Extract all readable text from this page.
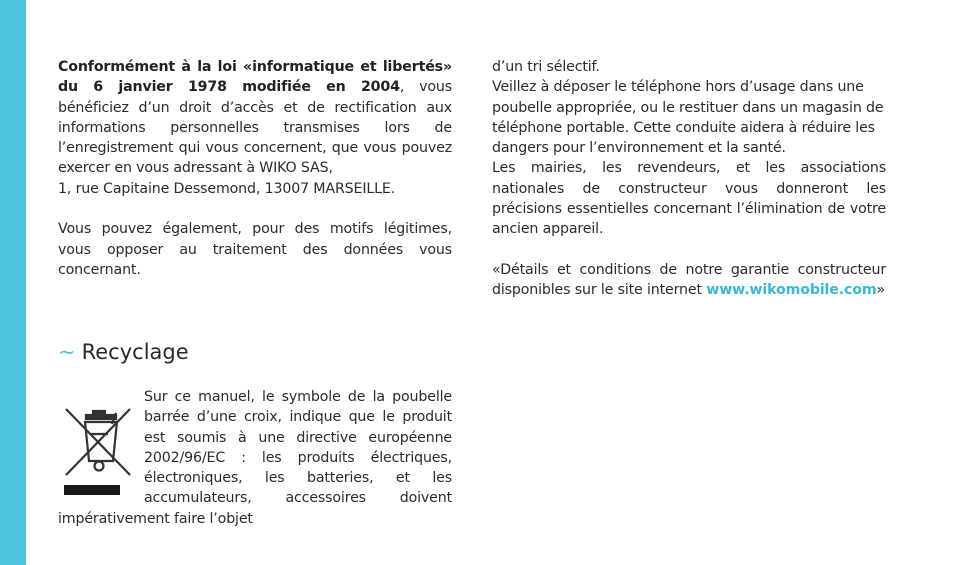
Conformément à la loi «informatique et libertés» du 6 janvier 1978 modifiée en 2004, vous bénéficiez d’un droit d’accès et de rectification aux informations personnelles transmises lors de l’enregistrement qui vous concernent, que vous pouvez exercer en vous adressant à WIKO SAS,

1, rue Capitaine Dessemond, 13007 MARSEILLE.

Vous pouvez également, pour des motifs légitimes, vous opposer au traitement des données vous concernant.

~ Recyclage
Sur ce manuel, le symbole de la poubelle barrée d’une croix, indique que le produit est soumis à une directive européenne 2002/96/EC : les produits électriques, électroniques, les batteries, et les accumulateurs, accessoires doivent impérativement faire l’objet

d’un tri sélectif.

Veillez à déposer le téléphone hors d’usage dans une poubelle appropriée, ou le restituer dans un magasin de téléphone portable. Cette conduite aidera à réduire les dangers pour l’environnement et la santé.

Les mairies, les revendeurs, et les associations nationales de constructeur vous donneront les précisions essentielles concernant l’élimination de votre ancien appareil.

«Détails et conditions de notre garantie constructeur disponibles sur le site internet www.wikomobile.com»
